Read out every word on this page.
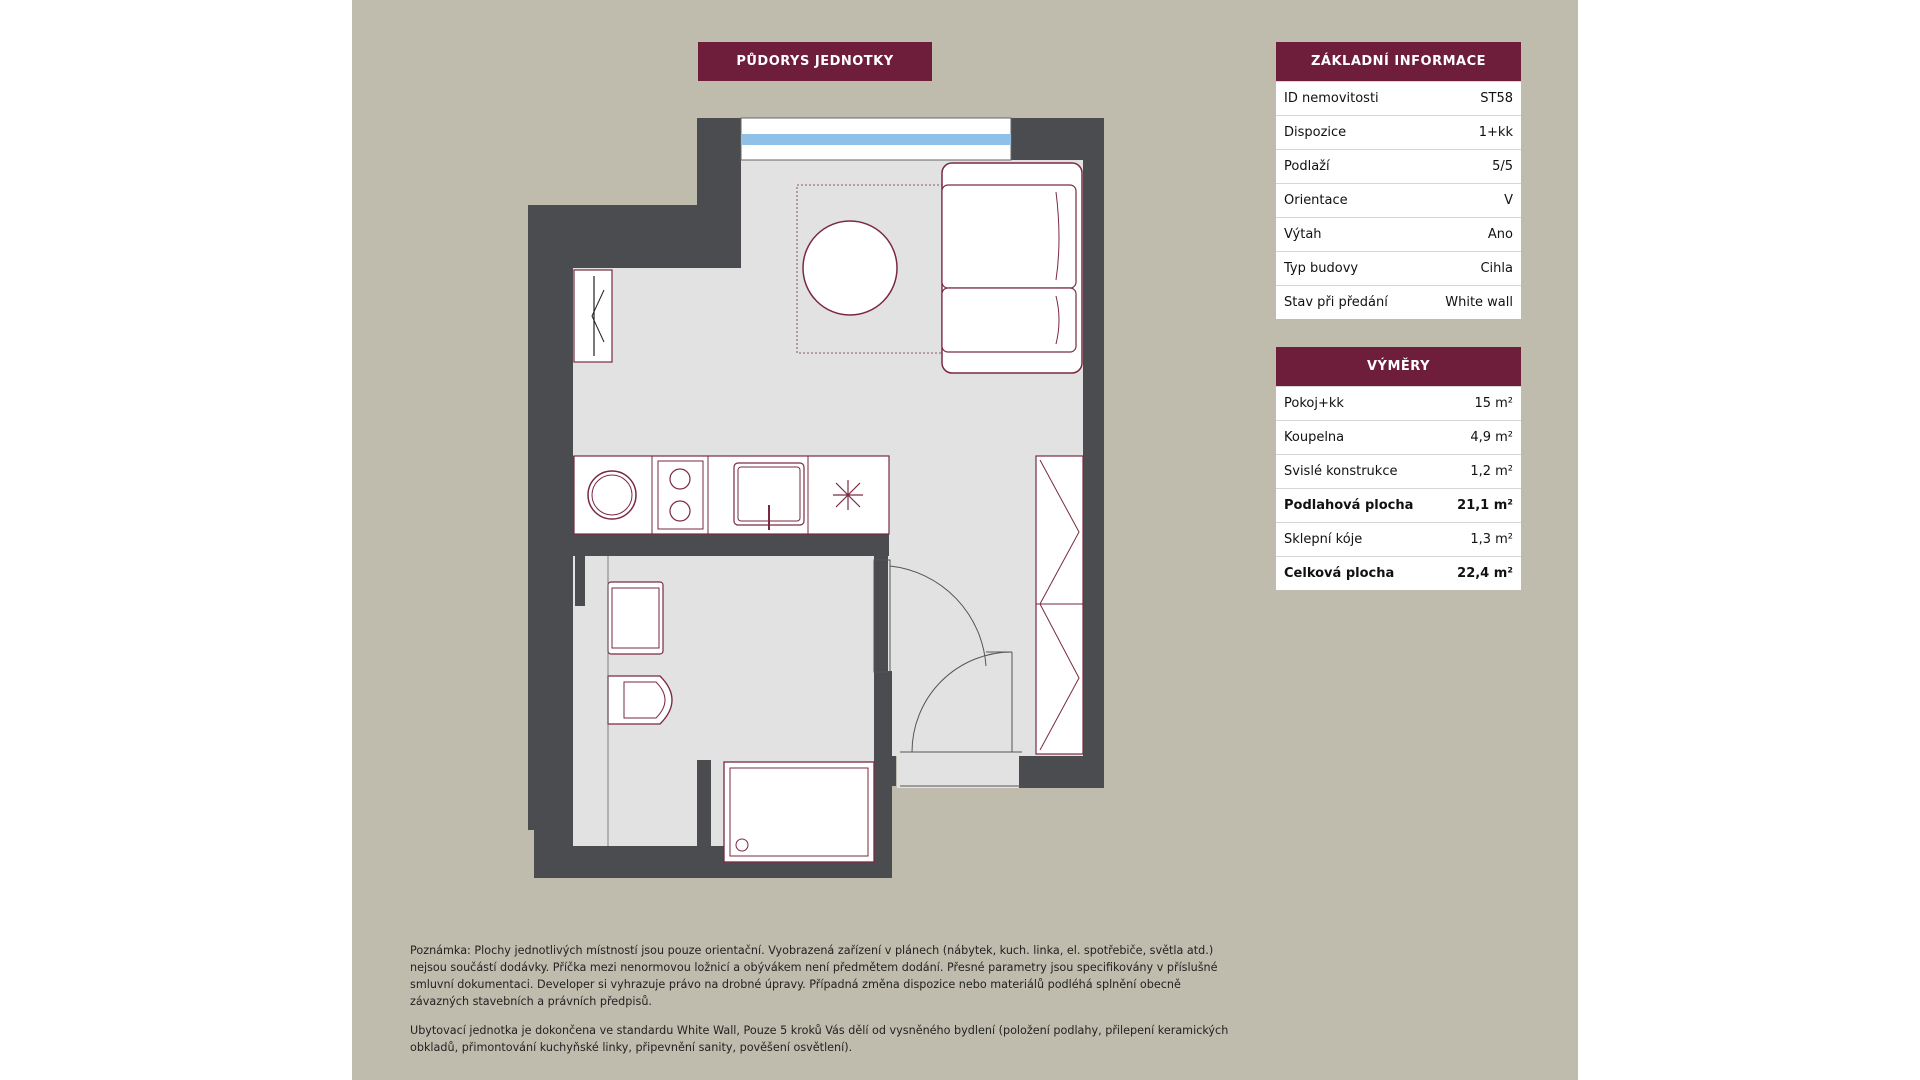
PŮDORYS JEDNOTKY	ZÁKLADNÍ INFORMACE
ID nemovitosti	ST58
Dispozice	1+kk
Podlaží	5/5
Orientace	V
Výtah	Ano
Typ budovy	Cihla
Stav při předání	White wall
VÝMĚRY
Pokoj+kk	15 m²
Koupelna	4,9 m²
Svislé konstrukce	1,2 m²
Podlahová plocha	21,1 m²
Sklepní kóje	1,3 m²
Celková plocha	22,4 m²
Poznámka: Plochy jednotlivých místností jsou pouze orientační. Vyobrazená zařízení v plánech (nábytek, kuch. linka, el. spotřebiče, světla atd.) nejsou součástí dodávky. Příčka mezi nenormovou ložnicí a obývákem není předmětem dodání. Přesné parametry jsou specifikovány v příslušné smluvní dokumentaci. Developer si vyhrazuje právo na drobné úpravy. Případná změna dispozice nebo materiálů podléhá splnění obecně závazných stavebních a právních předpisů.
Ubytovací jednotka je dokončena ve standardu White Wall, Pouze 5 kroků Vás dělí od vysněného bydlení (položení podlahy, přilepení keramických obkladů, přimontování kuchyňské linky, připevnění sanity, pověšení osvětlení).
